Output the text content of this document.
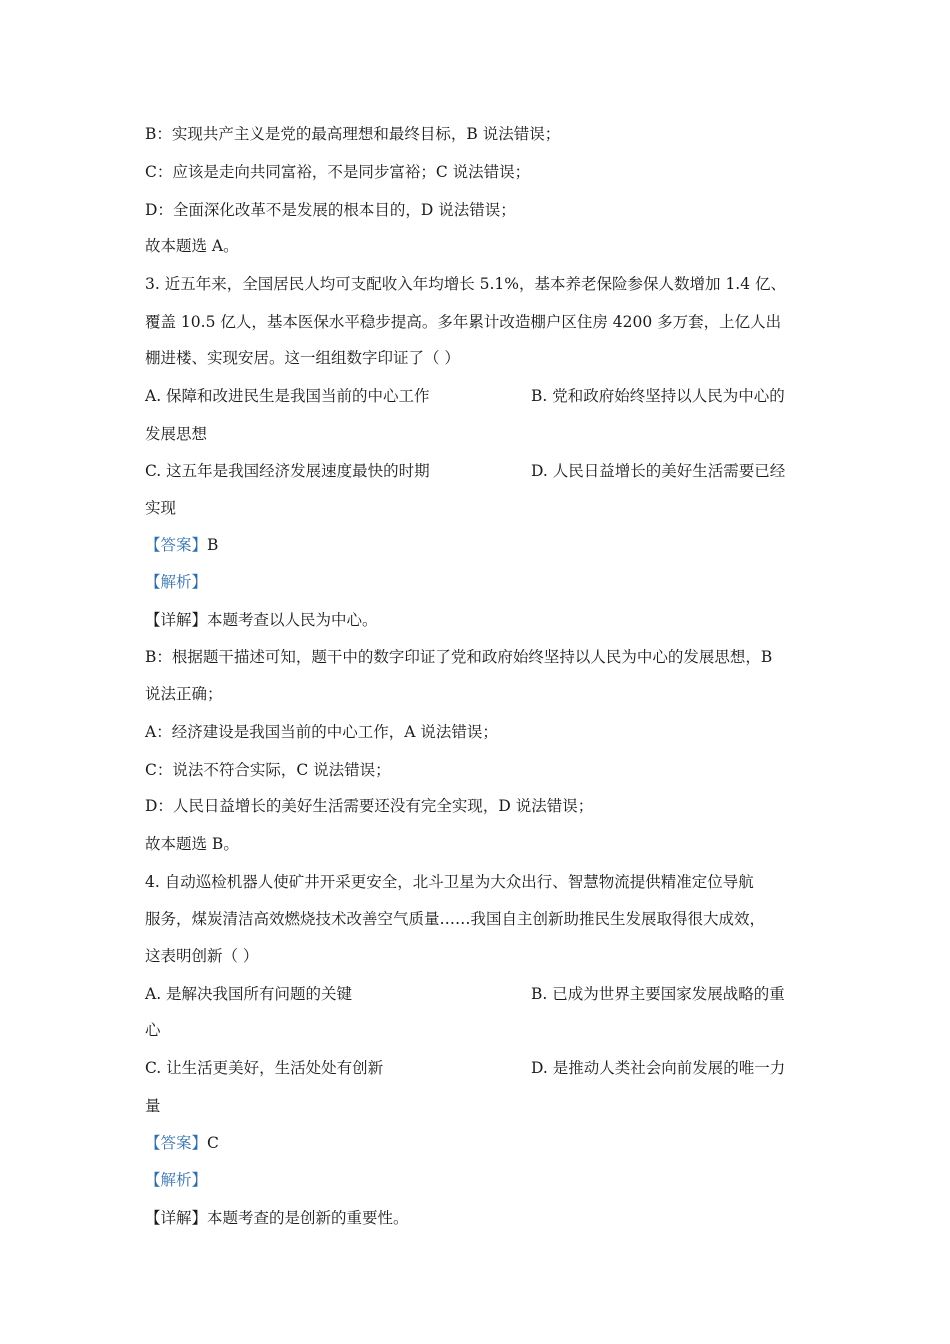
B：实现共产主义是党的最高理想和最终目标，B 说法错误；
C：应该是走向共同富裕，不是同步富裕；C 说法错误；
D：全面深化改革不是发展的根本目的，D 说法错误；
故本题选 A。
3. 近五年来，全国居民人均可支配收入年均增长 5.1%，基本养老保险参保人数增加 1.4 亿、
覆盖 10.5 亿人，基本医保水平稳步提高。多年累计改造棚户区住房 4200 多万套，上亿人出
棚进楼、实现安居。这一组组数字印证了（ ）
A. 保障和改进民生是我国当前的中心工作	B. 党和政府始终坚持以人民为中心的
发展思想
C. 这五年是我国经济发展速度最快的时期	D. 人民日益增长的美好生活需要已经
实现
【答案】B
【解析】
【详解】本题考查以人民为中心。
B：根据题干描述可知，题干中的数字印证了党和政府始终坚持以人民为中心的发展思想，B
说法正确；
A：经济建设是我国当前的中心工作，A 说法错误；
C：说法不符合实际，C 说法错误；
D：人民日益增长的美好生活需要还没有完全实现，D 说法错误；
故本题选 B。
4. 自动巡检机器人使矿井开采更安全，北斗卫星为大众出行、智慧物流提供精准定位导航
服务，煤炭清洁高效燃烧技术改善空气质量……我国自主创新助推民生发展取得很大成效，
这表明创新（ ）
A. 是解决我国所有问题的关键	B. 已成为世界主要国家发展战略的重
心
C. 让生活更美好，生活处处有创新	D. 是推动人类社会向前发展的唯一力
量
【答案】C
【解析】
【详解】本题考查的是创新的重要性。
